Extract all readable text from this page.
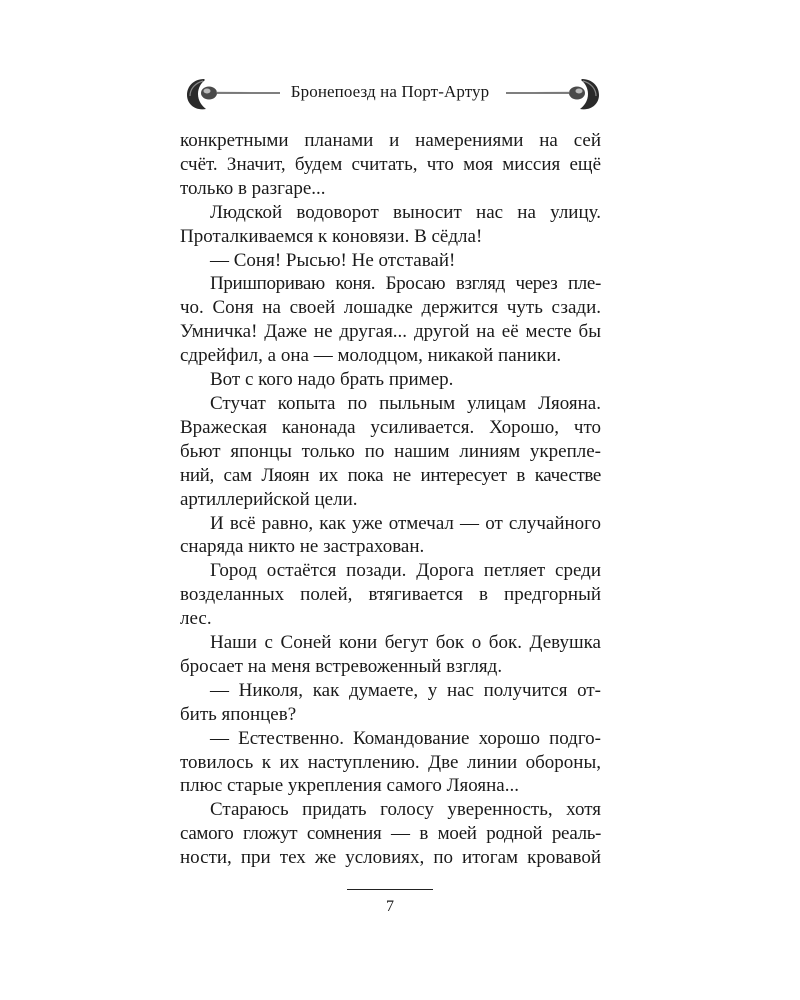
Бронепоезд на Порт-Артур

конкретными планами и намерениями на сей

счёт. Значит, будем считать, что моя миссия ещё

только в разгаре...

Людской водоворот выносит нас на улицу.

Проталкиваемся к коновязи. В сёдла!

— Соня! Рысью! Не отставай!

Пришпориваю коня. Бросаю взгляд через пле-

чо. Соня на своей лошадке держится чуть сзади.

Умничка! Даже не другая... другой на её месте бы

сдрейфил, а она — молодцом, никакой паники.

Вот с кого надо брать пример.

Стучат копыта по пыльным улицам Ляояна.

Вражеская канонада усиливается. Хорошо, что

бьют японцы только по нашим линиям укрепле-

ний, сам Ляоян их пока не интересует в качестве

артиллерийской цели.

И всё равно, как уже отмечал — от случайного

снаряда никто не застрахован.

Город остаётся позади. Дорога петляет среди

возделанных полей, втягивается в предгорный

лес.

Наши с Соней кони бегут бок о бок. Девушка

бросает на меня встревоженный взгляд.

— Николя, как думаете, у нас получится от-

бить японцев?

— Естественно. Командование хорошо подго-

товилось к их наступлению. Две линии обороны,

плюс старые укрепления самого Ляояна...

Стараюсь придать голосу уверенность, хотя

самого гложут сомнения — в моей родной реаль-

ности, при тех же условиях, по итогам кровавой

7
